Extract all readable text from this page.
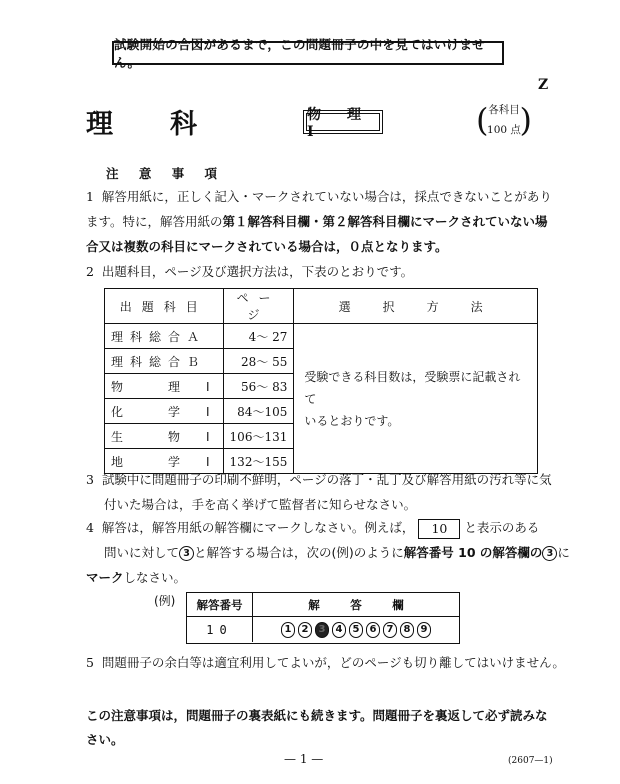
試験開始の合図があるまで，この問題冊子の中を見てはいけません。
Z
理 科	物　理　Ⅰ	( 各科目
100 点
)
注 意 事 項
1 解答用紙に，正しく記入・マークされていない場合は，採点できないことがあり
ます。特に，解答用紙の第１解答科目欄・第２解答科目欄にマークされていない場
合又は複数の科目にマークされている場合は，０点となります。
2 出題科目，ページ及び選択方法は，下表のとおりです。
出題科目	ページ	選　択　方　法
理科総合Ａ	4〜 27	受験できる科目数は，受験票に記載されて
いるとおりです。

理科総合Ｂ	28〜 55	
物　　理　Ⅰ	56〜 83	
化　　学　Ⅰ	84〜105	
生　　物　Ⅰ	106〜131	
地　　学　Ⅰ	132〜155	
3 試験中に問題冊子の印刷不鮮明，ページの落丁・乱丁及び解答用紙の汚れ等に気
付いた場合は，手を高く挙げて監督者に知らせなさい。
4 解答は，解答用紙の解答欄にマークしなさい。例えば， 10 と表示のある
問いに対して 3 と解答する場合は，次の(例)のように解答番号 10 の解答欄の 3 に
マークしなさい。
(例)	解答番号	解	答	欄
10	1	2	3	4	5	6	7	8	9
5 問題冊子の余白等は適宜利用してよいが，どのページも切り離してはいけません。
この注意事項は，問題冊子の裏表紙にも続きます。問題冊子を裏返して必ず読みな
さい。
— 1 —	(2607—1)
